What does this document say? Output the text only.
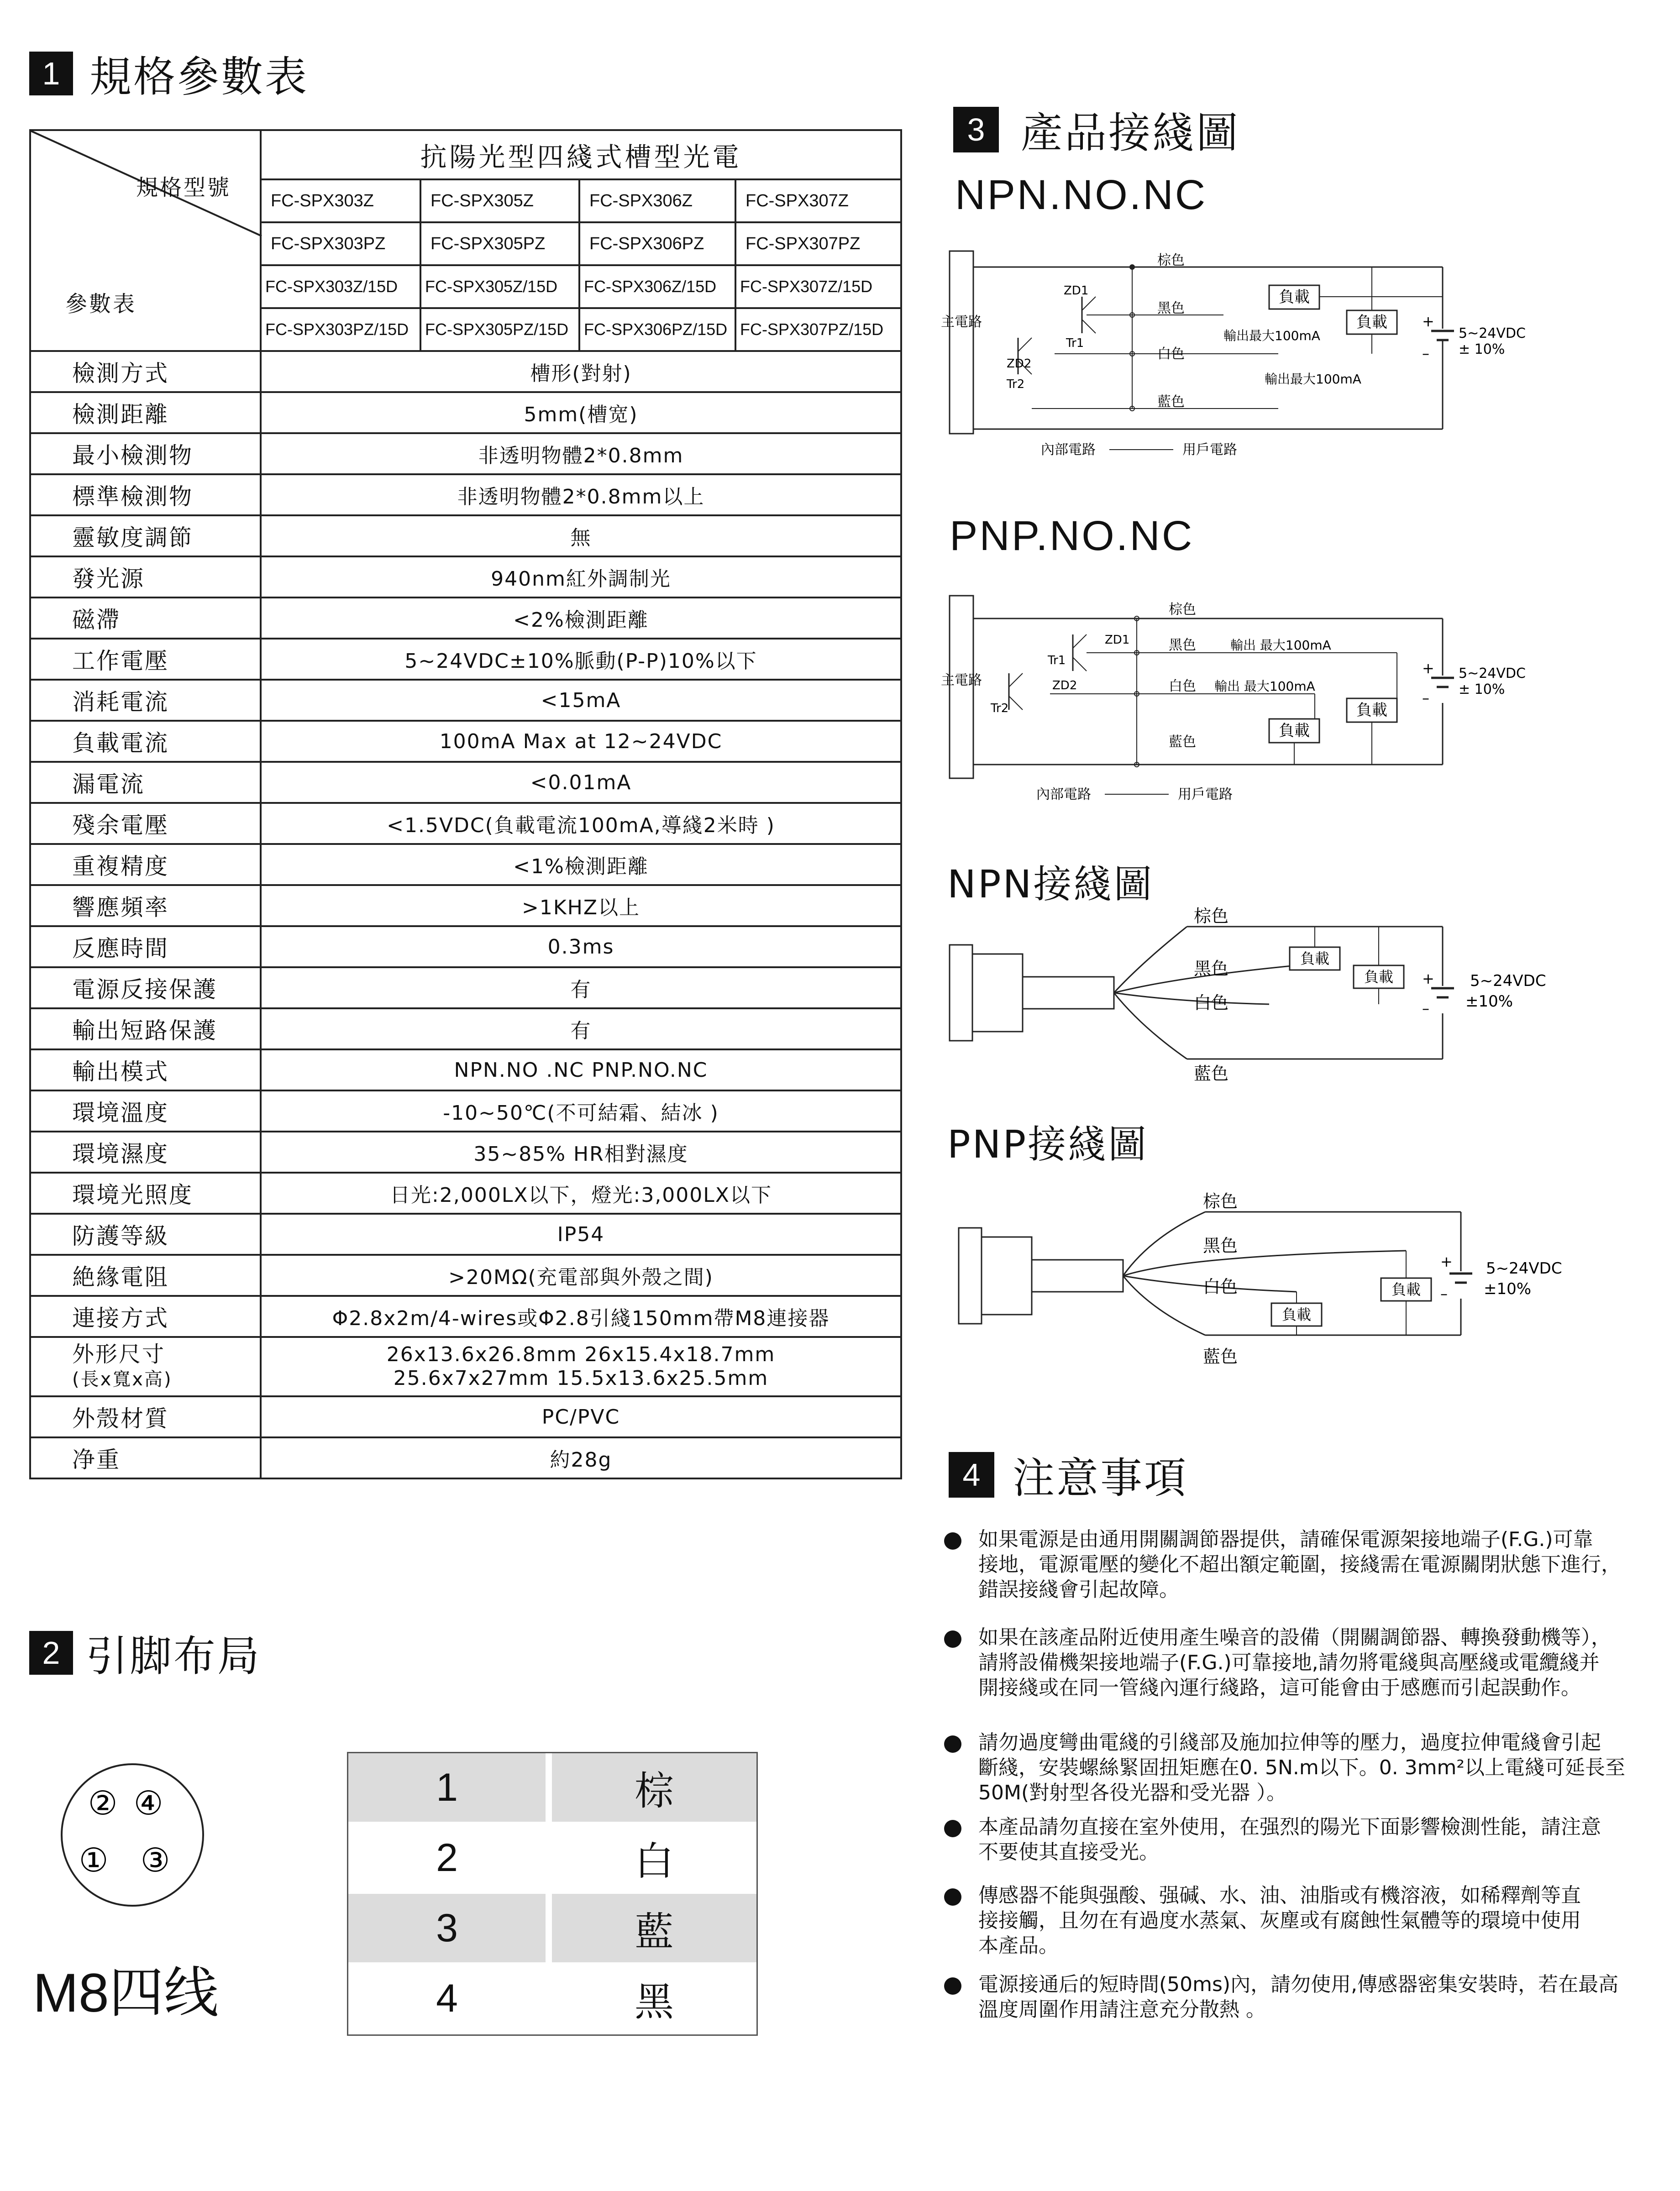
1 規格參數表
規格型號
參數表	抗陽光型四綫式槽型光電			
	FC-SPX303Z	FC-SPX305Z	FC-SPX306Z	FC-SPX307Z
	FC-SPX303PZ	FC-SPX305PZ	FC-SPX306PZ	FC-SPX307PZ
	FC-SPX303Z/15D	FC-SPX305Z/15D	FC-SPX306Z/15D	FC-SPX307Z/15D
	FC-SPX303PZ/15D	FC-SPX305PZ/15D	FC-SPX306PZ/15D	FC-SPX307PZ/15D
檢測方式	槽形(對射)			
檢測距離	5mm(槽宽)			
最小檢測物	非透明物體2*0.8mm			
標準檢測物	非透明物體2*0.8mm以上			
靈敏度調節	無			
發光源	940nm紅外調制光			
磁滯	<2%檢測距離			
工作電壓	5~24VDC±10%脈動(P-P)10%以下			
消耗電流	<15mA			
負載電流	100mA Max at 12~24VDC			
漏電流	<0.01mA			
殘余電壓	<1.5VDC(負載電流100mA,導綫2米時 )			
重複精度	<1%檢測距離			
響應頻率	>1KHZ以上			
反應時間	0.3ms			
電源反接保護	有			
輸出短路保護	有			
輸出模式	NPN.NO .NC PNP.NO.NC			
環境溫度	-10~50℃(不可結霜、結冰 )			
環境濕度	35~85% HR相對濕度			
環境光照度	日光:2,000LX以下，燈光:3,000LX以下			
防護等級	IP54			
絶緣電阻	>20MΩ(充電部與外殼之間)			
連接方式	Φ2.8x2m/4-wires或Φ2.8引綫150mm帶M8連接器			
外形尺寸
(長x寬x高)	26x13.6x26.8mm 26x15.4x18.7mm
25.6x7x27mm 15.5x13.6x25.5mm			
外殼材質	PC/PVC			
净重	約28g			
2 引脚布局
② ④
① ③
M8四线
1	棕
2	白
3	藍
4	黑
3 產品接綫圖
NPN.NO.NC
主電路	+
–
5~24VDC
± 10%
ZD1
Tr1
ZD2
Tr2
棕色
黑色
白色
藍色
負載
負載
輸出最大100mA
輸出最大100mA
內部電路	用戶電路
PNP.NO.NC
主電路
+
–
5~24VDC
± 10%
ZD1
Tr1
ZD2
Tr2
棕色
黑色
白色
藍色
輸出 最大100mA
輸出 最大100mA
負載
負載
內部電路	用戶電路
NPN接綫圖
+
–
5~24VDC
±10%
負載
負載
棕色
黑色
白色
藍色
PNP接綫圖
+
–
5~24VDC
±10%
負載
負載
棕色
黑色
白色
藍色
4 注意事項
如果電源是由通用開關調節器提供，請確保電源架接地端子(F.G.)可靠
接地，電源電壓的變化不超出額定範圍，接綫需在電源關閉狀態下進行，
錯誤接綫會引起故障。
如果在該產品附近使用產生噪音的設備（開關調節器、轉換發動機等），
請將設備機架接地端子(F.G.)可靠接地,請勿將電綫與高壓綫或電纜綫并
開接綫或在同一管綫內運行綫路，這可能會由于感應而引起誤動作。
請勿過度彎曲電綫的引綫部及施加拉伸等的壓力，過度拉伸電綫會引起
斷綫，安裝螺絲緊固扭矩應在0. 5N.m以下。0. 3mm²以上電綫可延長至
50M(對射型各役光器和受光器 ）。
本產品請勿直接在室外使用，在强烈的陽光下面影響檢測性能，請注意
不要使其直接受光。
傳感器不能與强酸、强碱、水、油、油脂或有機溶液，如稀釋劑等直
接接觸，且勿在有過度水蒸氣、灰塵或有腐蝕性氣體等的環境中使用
本產品。
電源接通后的短時間(50ms)內，請勿使用,傳感器密集安裝時，若在最高
溫度周圍作用請注意充分散熱 。
